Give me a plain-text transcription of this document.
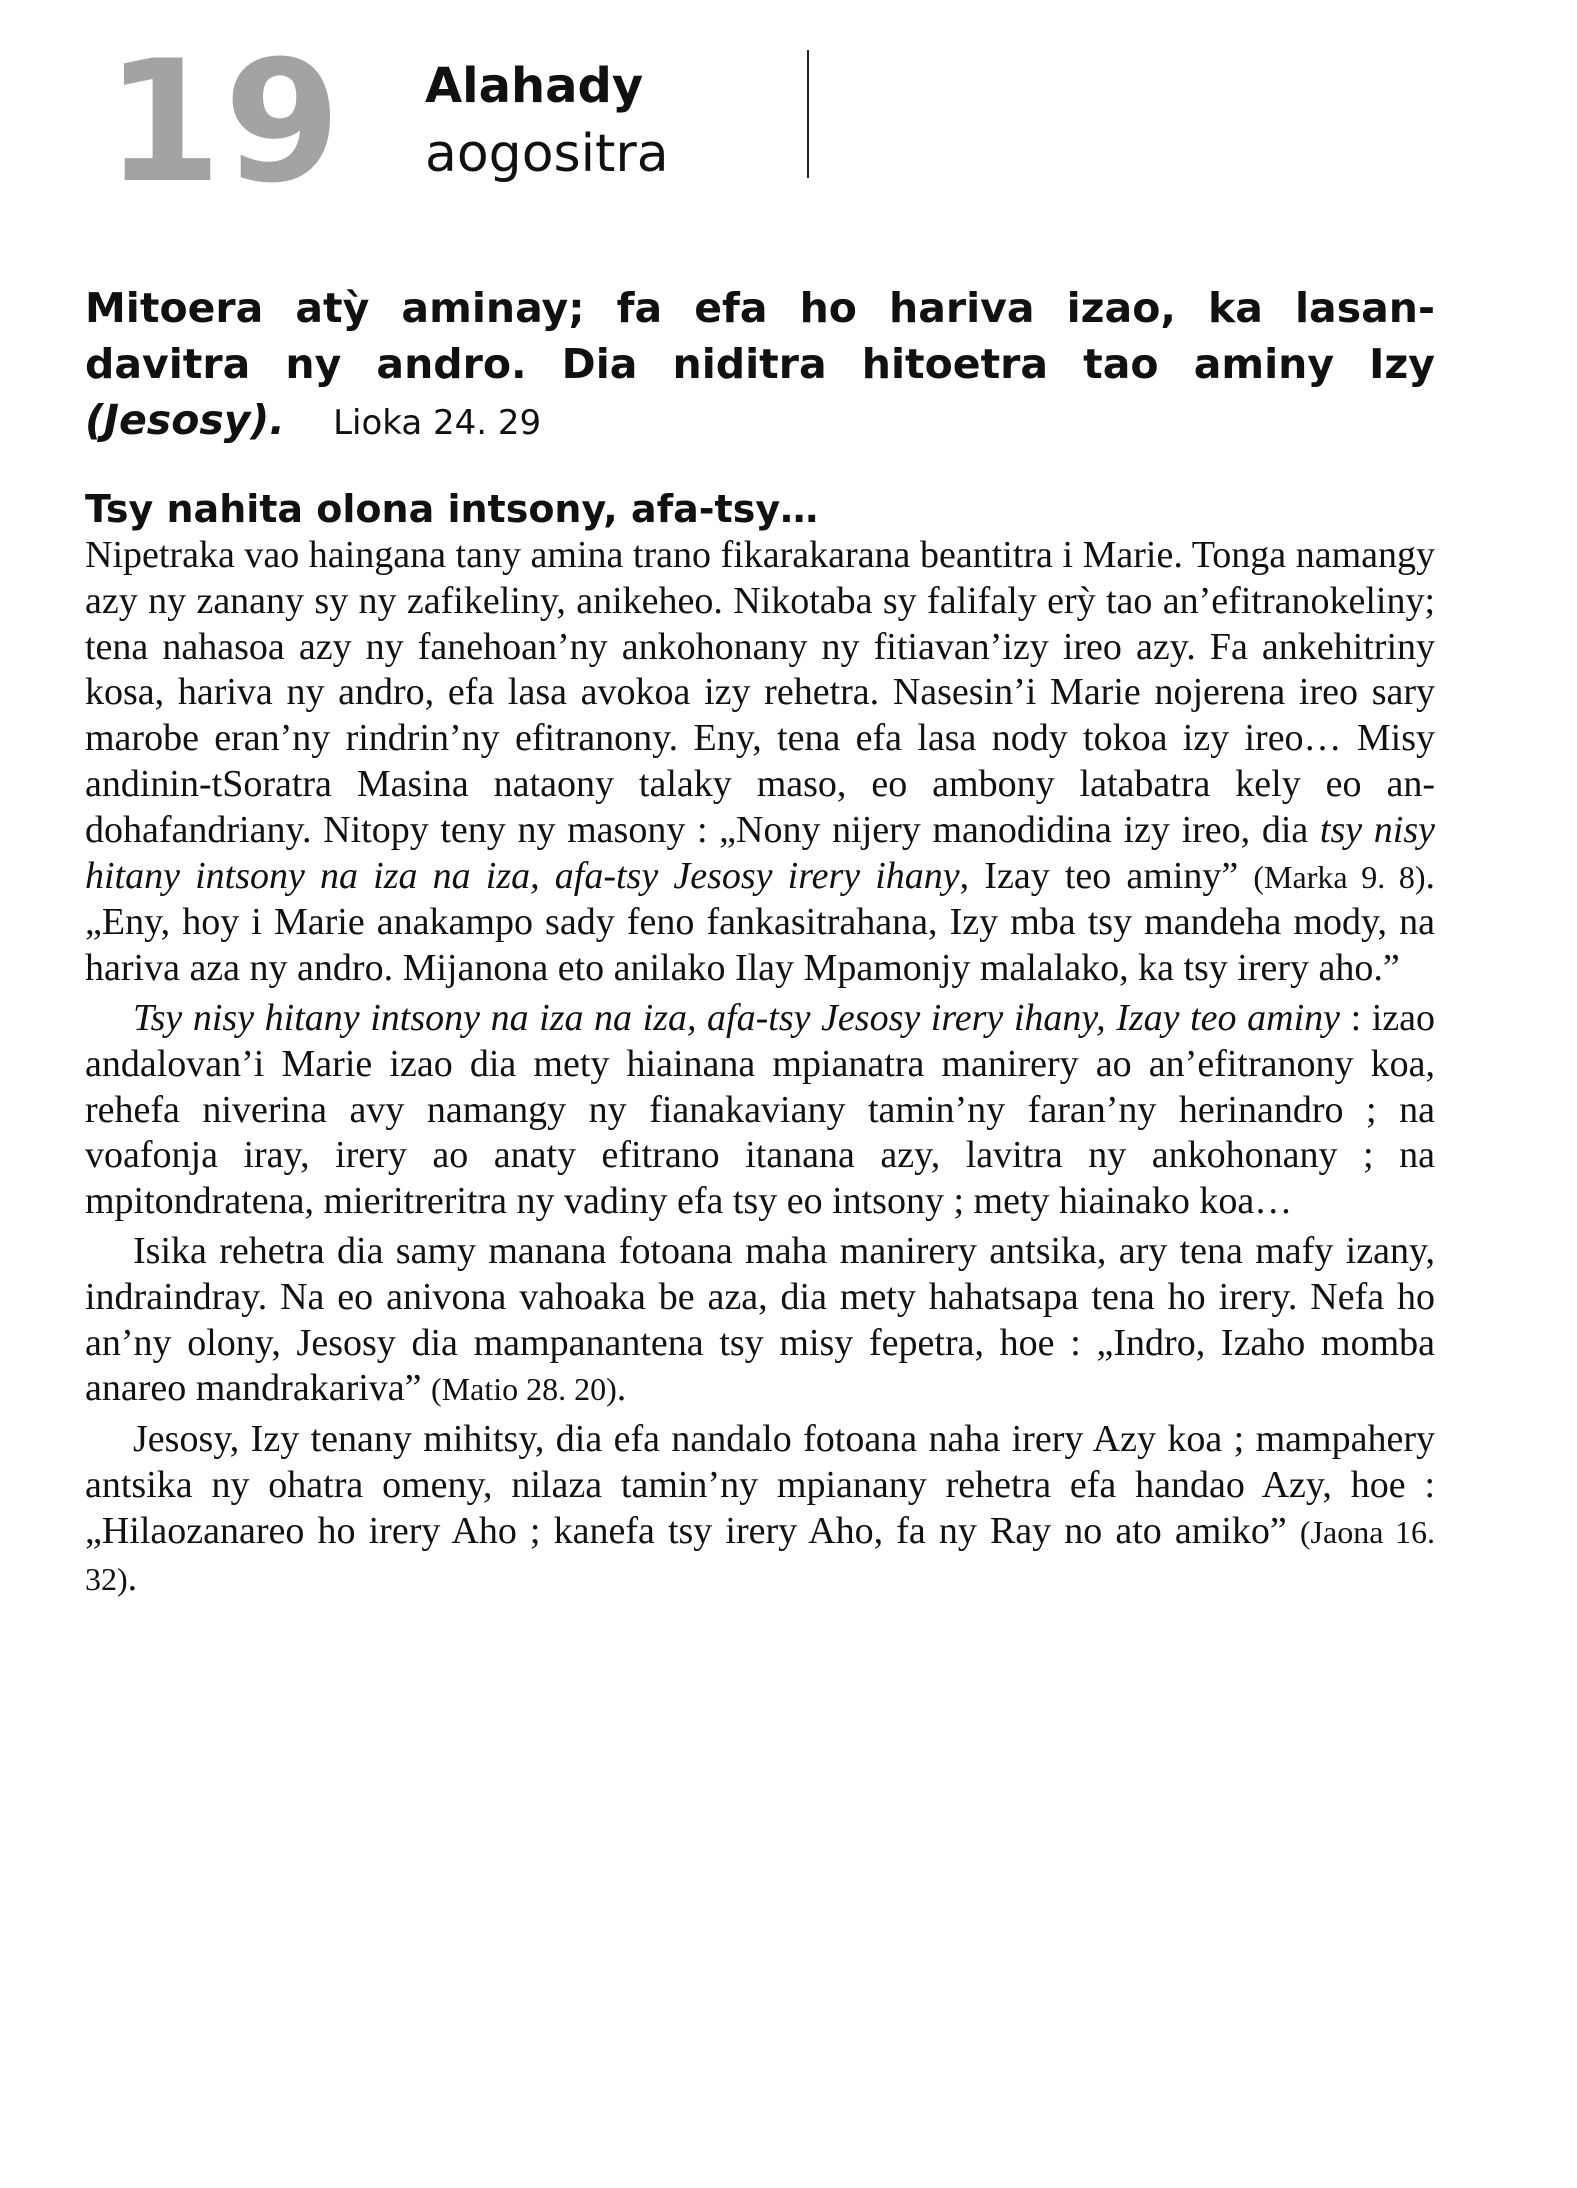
19 Alahady
aogositra
Mitoera atỳ aminay; fa efa ho hariva izao, ka lasan-davitra ny andro. Dia niditra hitoetra tao aminy Izy (Jesosy). Lioka 24. 29
Tsy nahita olona intsony, afa-tsy…

Nipetraka vao haingana tany amina trano fikarakarana beantitra i Marie. Tonga namangy azy ny zanany sy ny zafikeliny, anikeheo. Nikotaba sy falifaly erỳ tao an’efitranokeliny; tena nahasoa azy ny fanehoan’ny ankohonany ny fitiavan’izy ireo azy. Fa ankehitriny kosa, hariva ny andro, efa lasa avokoa izy rehetra. Nasesin’i Marie nojerena ireo sary marobe eran’ny rindrin’ny efitranony. Eny, tena efa lasa nody tokoa izy ireo… Misy andinin-tSoratra Masina nataony talaky maso, eo ambony latabatra kely eo an-dohafandriany. Nitopy teny ny masony : „Nony nijery manodidina izy ireo, dia tsy nisy hitany intsony na iza na iza, afa-tsy Jesosy irery ihany, Izay teo aminy” (Marka 9. 8). „Eny, hoy i Marie anakampo sady feno fankasitrahana, Izy mba tsy mandeha mody, na hariva aza ny andro. Mijanona eto anilako Ilay Mpamonjy malalako, ka tsy irery aho.”

Tsy nisy hitany intsony na iza na iza, afa-tsy Jesosy irery ihany, Izay teo aminy : izao andalovan’i Marie izao dia mety hiainana mpianatra manirery ao an’efitranony koa, rehefa niverina avy namangy ny fianakaviany tamin’ny faran’ny herinandro ; na voafonja iray, irery ao anaty efitrano itanana azy, lavitra ny ankohonany ; na mpitondratena, mieritreritra ny vadiny efa tsy eo intsony ; mety hiainako koa…

Isika rehetra dia samy manana fotoana maha manirery antsika, ary tena mafy izany, indraindray. Na eo anivona vahoaka be aza, dia mety hahatsapa tena ho irery. Nefa ho an’ny olony, Jesosy dia mampanantena tsy misy fepetra, hoe : „Indro, Izaho momba anareo mandrakariva” (Matio 28. 20).

Jesosy, Izy tenany mihitsy, dia efa nandalo fotoana naha irery Azy koa ; mampahery antsika ny ohatra omeny, nilaza tamin’ny mpianany rehetra efa handao Azy, hoe : „Hilaozanareo ho irery Aho ; kanefa tsy irery Aho, fa ny Ray no ato amiko” (Jaona 16. 32).
